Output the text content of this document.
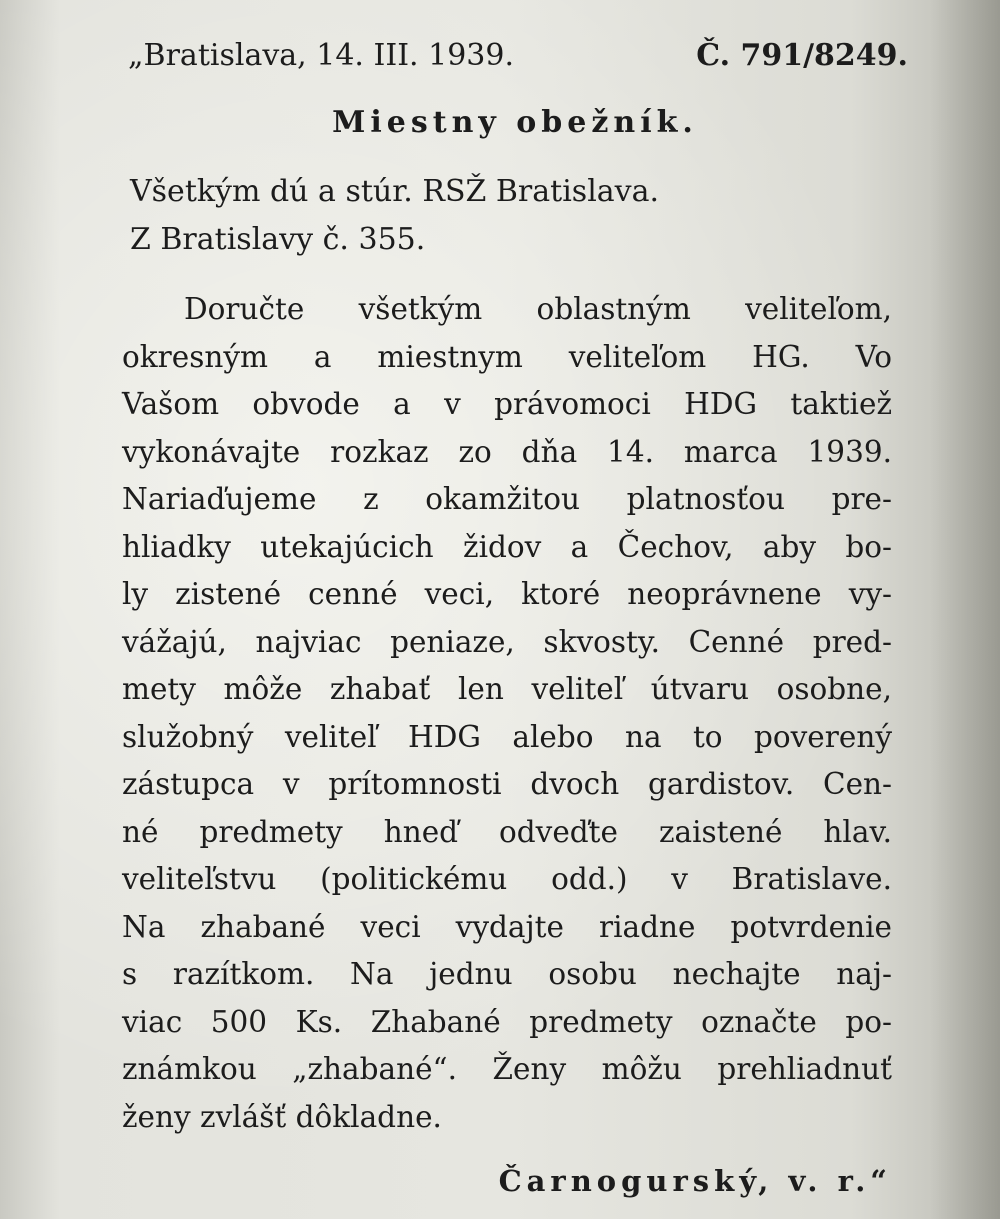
„Bratislava, 14. III. 1939.	Č. 791/8249.
Miestny obežník.
Všetkým dú a stúr. RSŽ Bratislava.
Z Bratislavy č. 355.
Doručte všetkým oblastným veliteľom,
okresným a miestnym veliteľom HG. Vo
Vašom obvode a v právomoci HDG taktiež
vykonávajte rozkaz zo dňa 14. marca 1939.
Nariaďujeme z okamžitou platnosťou pre-
hliadky utekajúcich židov a Čechov, aby bo-
ly zistené cenné veci, ktoré neoprávnene vy-
vážajú, najviac peniaze, skvosty. Cenné pred-
mety môže zhabať len veliteľ útvaru osobne,
služobný veliteľ HDG alebo na to poverený
zástupca v prítomnosti dvoch gardistov. Cen-
né predmety hneď odveďte zaistené hlav.
veliteľstvu (politickému odd.) v Bratislave.
Na zhabané veci vydajte riadne potvrdenie
s razítkom. Na jednu osobu nechajte naj-
viac 500 Ks. Zhabané predmety označte po-
známkou „zhabané“. Ženy môžu prehliadnuť
ženy zvlášť dôkladne.
Čarnogurský, v. r.“
